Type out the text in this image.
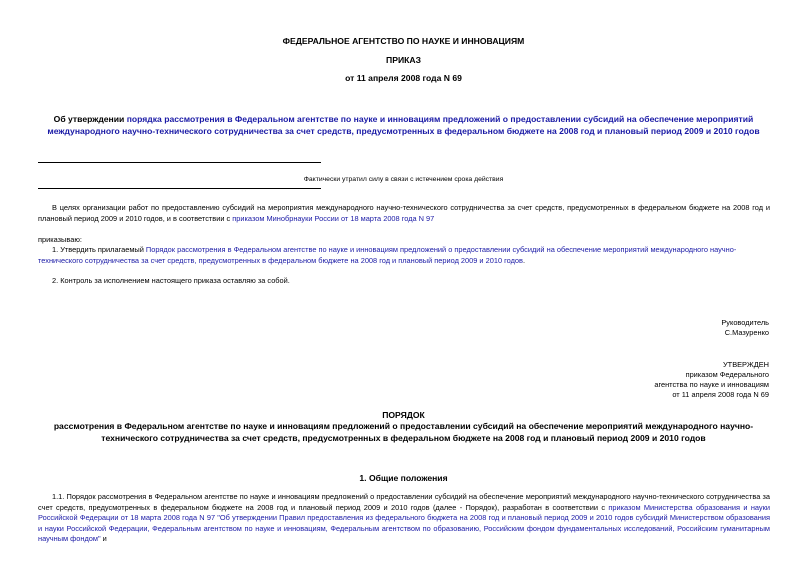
ФЕДЕРАЛЬНОЕ АГЕНТСТВО ПО НАУКЕ И ИННОВАЦИЯМ
ПРИКАЗ
от 11 апреля 2008 года N 69
Об утверждении порядка рассмотрения в Федеральном агентстве по науке и инновациям предложений о предоставлении субсидий на обеспечение мероприятий международного научно-технического сотрудничества за счет средств, предусмотренных в федеральном бюджете на 2008 год и плановый период 2009 и 2010 годов
Фактически утратил силу в связи с истечением срока действия
В целях организации работ по предоставлению субсидий на мероприятия международного научно-технического сотрудничества за счет средств, предусмотренных в федеральном бюджете на 2008 год и плановый период 2009 и 2010 годов, и в соответствии с приказом Минобрнауки России от 18 марта 2008 года N 97
приказываю:
1. Утвердить прилагаемый Порядок рассмотрения в Федеральном агентстве по науке и инновациям предложений о предоставлении субсидий на обеспечение мероприятий международного научно-технического сотрудничества за счет средств, предусмотренных в федеральном бюджете на 2008 год и плановый период 2009 и 2010 годов.
2. Контроль за исполнением настоящего приказа оставляю за собой.
Руководитель
С.Мазуренко
УТВЕРЖДЕН
приказом Федерального
агентства по науке и инновациям
от 11 апреля 2008 года N 69
ПОРЯДОК
рассмотрения в Федеральном агентстве по науке и инновациям предложений о предоставлении субсидий на обеспечение мероприятий международного научно-технического сотрудничества за счет средств, предусмотренных в федеральном бюджете на 2008 год и плановый период 2009 и 2010 годов
1. Общие положения
1.1. Порядок рассмотрения в Федеральном агентстве по науке и инновациям предложений о предоставлении субсидий на обеспечение мероприятий международного научно-технического сотрудничества за счет средств, предусмотренных в федеральном бюджете на 2008 год и плановый период 2009 и 2010 годов (далее - Порядок), разработан в соответствии с приказом Министерства образования и науки Российской Федерации от 18 марта 2008 года N 97 "Об утверждении Правил предоставления из федерального бюджета на 2008 год и плановый период 2009 и 2010 годов субсидий Министерством образования и науки Российской Федерации, Федеральным агентством по науке и инновациям, Федеральным агентством по образованию, Российским фондом фундаментальных исследований, Российским гуманитарным научным фондом" и
